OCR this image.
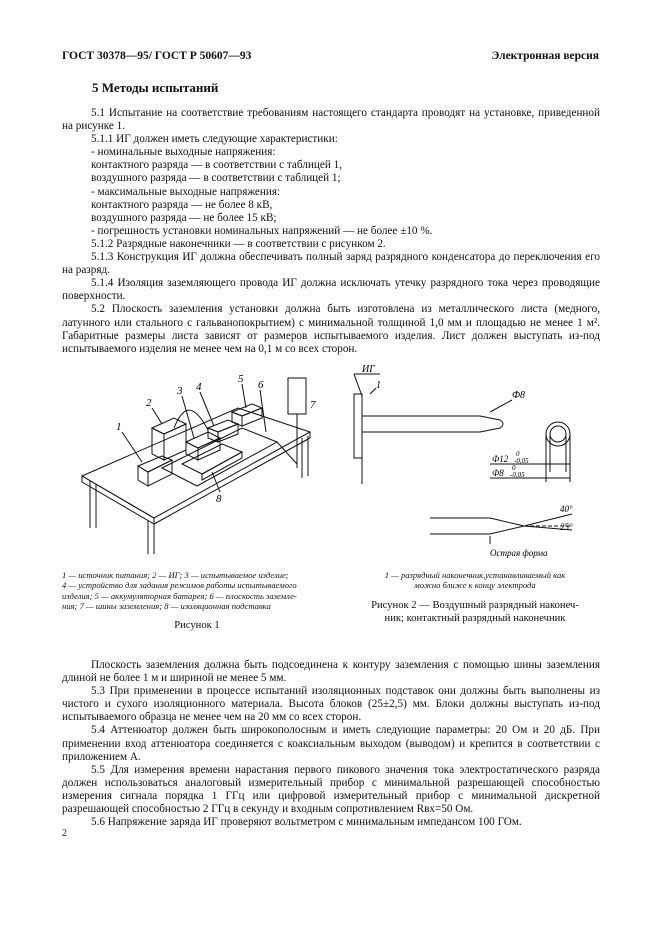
ГОСТ 30378—95/ ГОСТ Р 50607—93	Электронная версия
5 Методы испытаний

5.1 Испытание на соответствие требованиям настоящего стандарта проводят на установке, приведенной на рисунке 1.

5.1.1 ИГ должен иметь следующие характеристики:

- номинальные выходные напряжения:

контактного разряда — в соответствии с таблицей 1,

воздушного разряда — в соответствии с таблицей 1;

- максимальные выходные напряжения:

контактного разряда — не более 8 кВ,

воздушного разряда — не более 15 кВ;

- погрешность установки номинальных напряжений — не более ±10 %.

5.1.2 Разрядные наконечники — в соответствии с рисунком 2.

5.1.3 Конструкция ИГ должна обеспечивать полный заряд разрядного конденсатора до переключения его на разряд.

5.1.4 Изоляция заземляющего провода ИГ должна исключать утечку разрядного тока через проводящие поверхности.

5.2 Плоскость заземления установки должна быть изготовлена из металлического листа (медного, латунного или стального с гальванопокрытием) с минимальной толщиной 1,0 мм и площадью не менее 1 м². Габаритные размеры листа зависят от размеров испытываемого изделия. Лист должен выступать из-под испытываемого изделия не менее чем на 0,1 м со всех сторон.

1
2
3 4
5 6
7
8
1 — источник питания; 2 — ИГ; 3 — испытываемое изделие;
4 — устройство для задания режимов работы испытываемого
изделия; 5 — аккумуляторная батарея; 6 — плоскость заземле-
ния; 7 — шины заземления; 8 — изоляционная подставка
Рисунок 1
ИГ
1
Ф8
Ф12 0
-0,05
Ф8 0
-0,05
40°
25°
Острая форма
1 — разрядный наконечник,устанавливаемый как
можно ближе к концу электрода
Рисунок 2 — Воздушный разрядный наконеч-
ник; контактный разрядный наконечник

Плоскость заземления должна быть подсоединена к контуру заземления с помощью шины заземления длиной не более 1 м и шириной не менее 5 мм.

5.3 При применении в процессе испытаний изоляционных подставок они должны быть выполнены из чистого и сухого изоляционного материала. Высота блоков (25±2,5) мм. Блоки должны выступать из-под испытываемого образца не менее чем на 20 мм со всех сторон.

5.4 Аттенюатор должен быть широкополосным и иметь следующие параметры: 20 Ом и 20 дБ. При применении вход аттенюатора соединяется с коаксиальным выходом (выводом) и крепится в соответствии с приложением А.

5.5 Для измерения времени нарастания первого пикового значения тока электростатического разряда должен использоваться аналоговый измерительный прибор с минимальной разрешающей способностью измерения сигнала порядка 1 ГГц или цифровой измерительный прибор с минимальной дискретной разрешающей способностью 2 ГГц в секунду и входным сопротивлением Rвх=50 Ом.

5.6 Напряжение заряда ИГ проверяют вольтметром с минимальным импедансом 100 ГОм.

2
